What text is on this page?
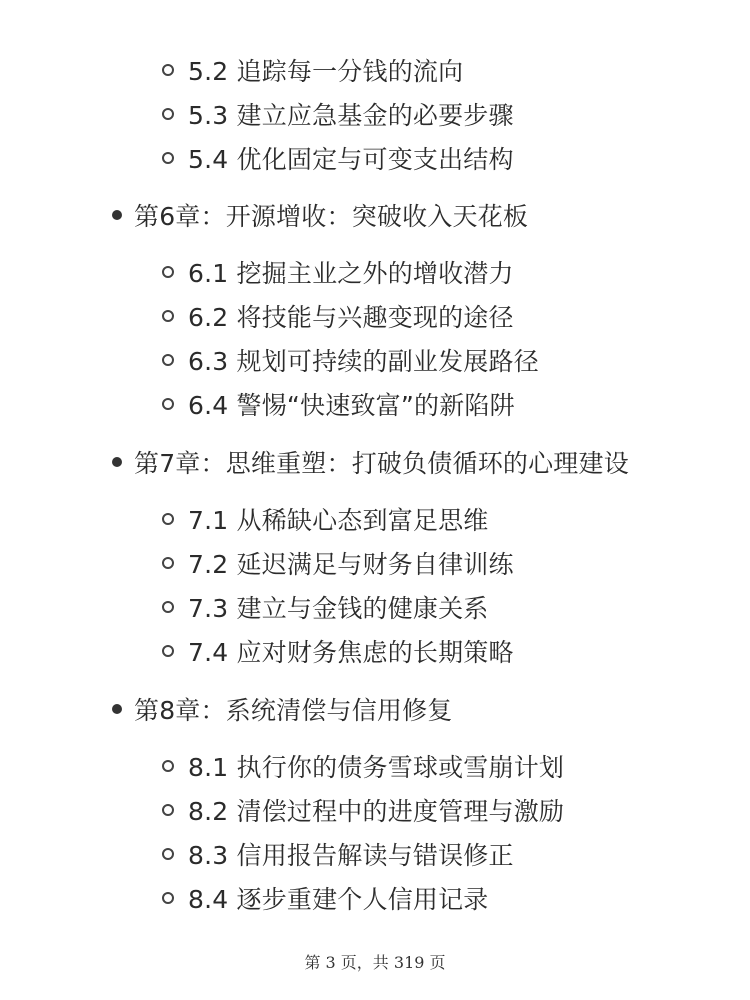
5.2 追踪每一分钱的流向
5.3 建立应急基金的必要步骤
5.4 优化固定与可变支出结构
第6章：开源增收：突破收入天花板
6.1 挖掘主业之外的增收潜力
6.2 将技能与兴趣变现的途径
6.3 规划可持续的副业发展路径
6.4 警惕“快速致富”的新陷阱
第7章：思维重塑：打破负债循环的心理建设
7.1 从稀缺心态到富足思维
7.2 延迟满足与财务自律训练
7.3 建立与金钱的健康关系
7.4 应对财务焦虑的长期策略
第8章：系统清偿与信用修复
8.1 执行你的债务雪球或雪崩计划
8.2 清偿过程中的进度管理与激励
8.3 信用报告解读与错误修正
8.4 逐步重建个人信用记录
第 3 页，共 319 页
